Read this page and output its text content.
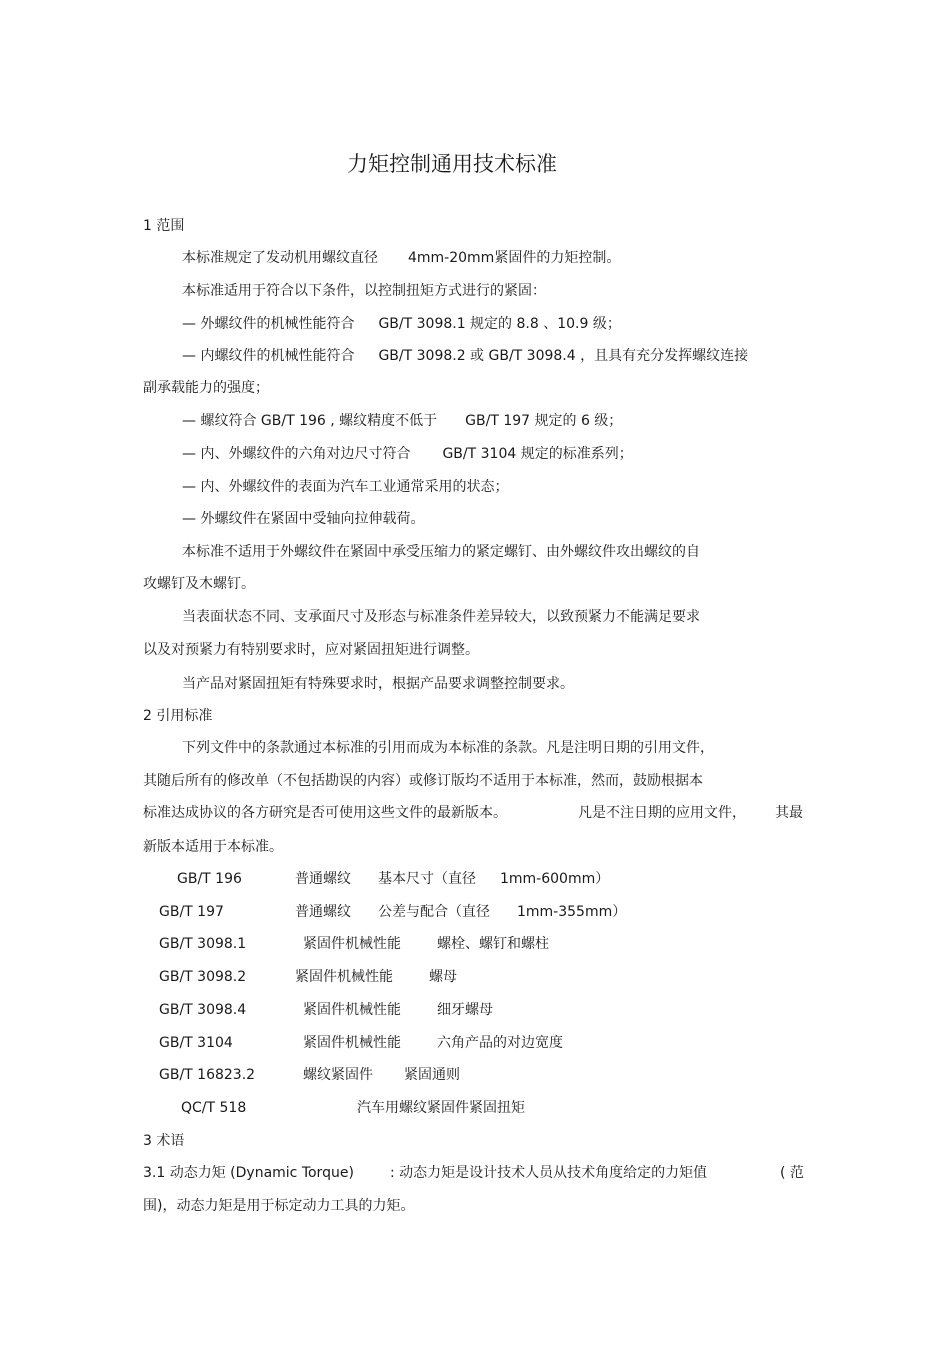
力矩控制通用技术标准
1 范围
本标准规定了发动机用螺纹直径 4mm-20mm紧固件的力矩控制。
本标准适用于符合以下条件，以控制扭矩方式进行的紧固：
— 外螺纹件的机械性能符合 GB/T 3098.1 规定的 8.8 、10.9 级；
— 内螺纹件的机械性能符合 GB/T 3098.2 或 GB/T 3098.4 ，且具有充分发挥螺纹连接
副承载能力的强度；
— 螺纹符合 GB/T 196 , 螺纹精度不低于 GB/T 197 规定的 6 级；
— 内、外螺纹件的六角对边尺寸符合 GB/T 3104 规定的标准系列；
— 内、外螺纹件的表面为汽车工业通常采用的状态；
— 外螺纹件在紧固中受轴向拉伸载荷。
本标准不适用于外螺纹件在紧固中承受压缩力的紧定螺钉、由外螺纹件攻出螺纹的自
攻螺钉及木螺钉。
当表面状态不同、支承面尺寸及形态与标准条件差异较大，以致预紧力不能满足要求
以及对预紧力有特别要求时，应对紧固扭矩进行调整。
当产品对紧固扭矩有特殊要求时，根据产品要求调整控制要求。
2 引用标准
下列文件中的条款通过本标准的引用而成为本标准的条款。凡是注明日期的引用文件，
其随后所有的修改单（不包括勘误的内容）或修订版均不适用于本标准，然而，鼓励根据本
标准达成协议的各方研究是否可使用这些文件的最新版本。	凡是不注日期的应用文件， 其最
新版本适用于本标准。
GB/T 196	普通螺纹 基本尺寸（直径 1mm-600mm）
GB/T 197	普通螺纹 公差与配合（直径 1mm-355mm）
GB/T 3098.1	紧固件机械性能	螺栓、螺钉和螺柱
GB/T 3098.2	紧固件机械性能	螺母
GB/T 3098.4	紧固件机械性能	细牙螺母
GB/T 3104	紧固件机械性能	六角产品的对边宽度
GB/T 16823.2	螺纹紧固件 紧固通则
QC/T 518	汽车用螺纹紧固件紧固扭矩
3 术语
3.1 动态力矩 (Dynamic Torque)	: 动态力矩是设计技术人员从技术角度给定的力矩值	( 范
围)，动态力矩是用于标定动力工具的力矩。
